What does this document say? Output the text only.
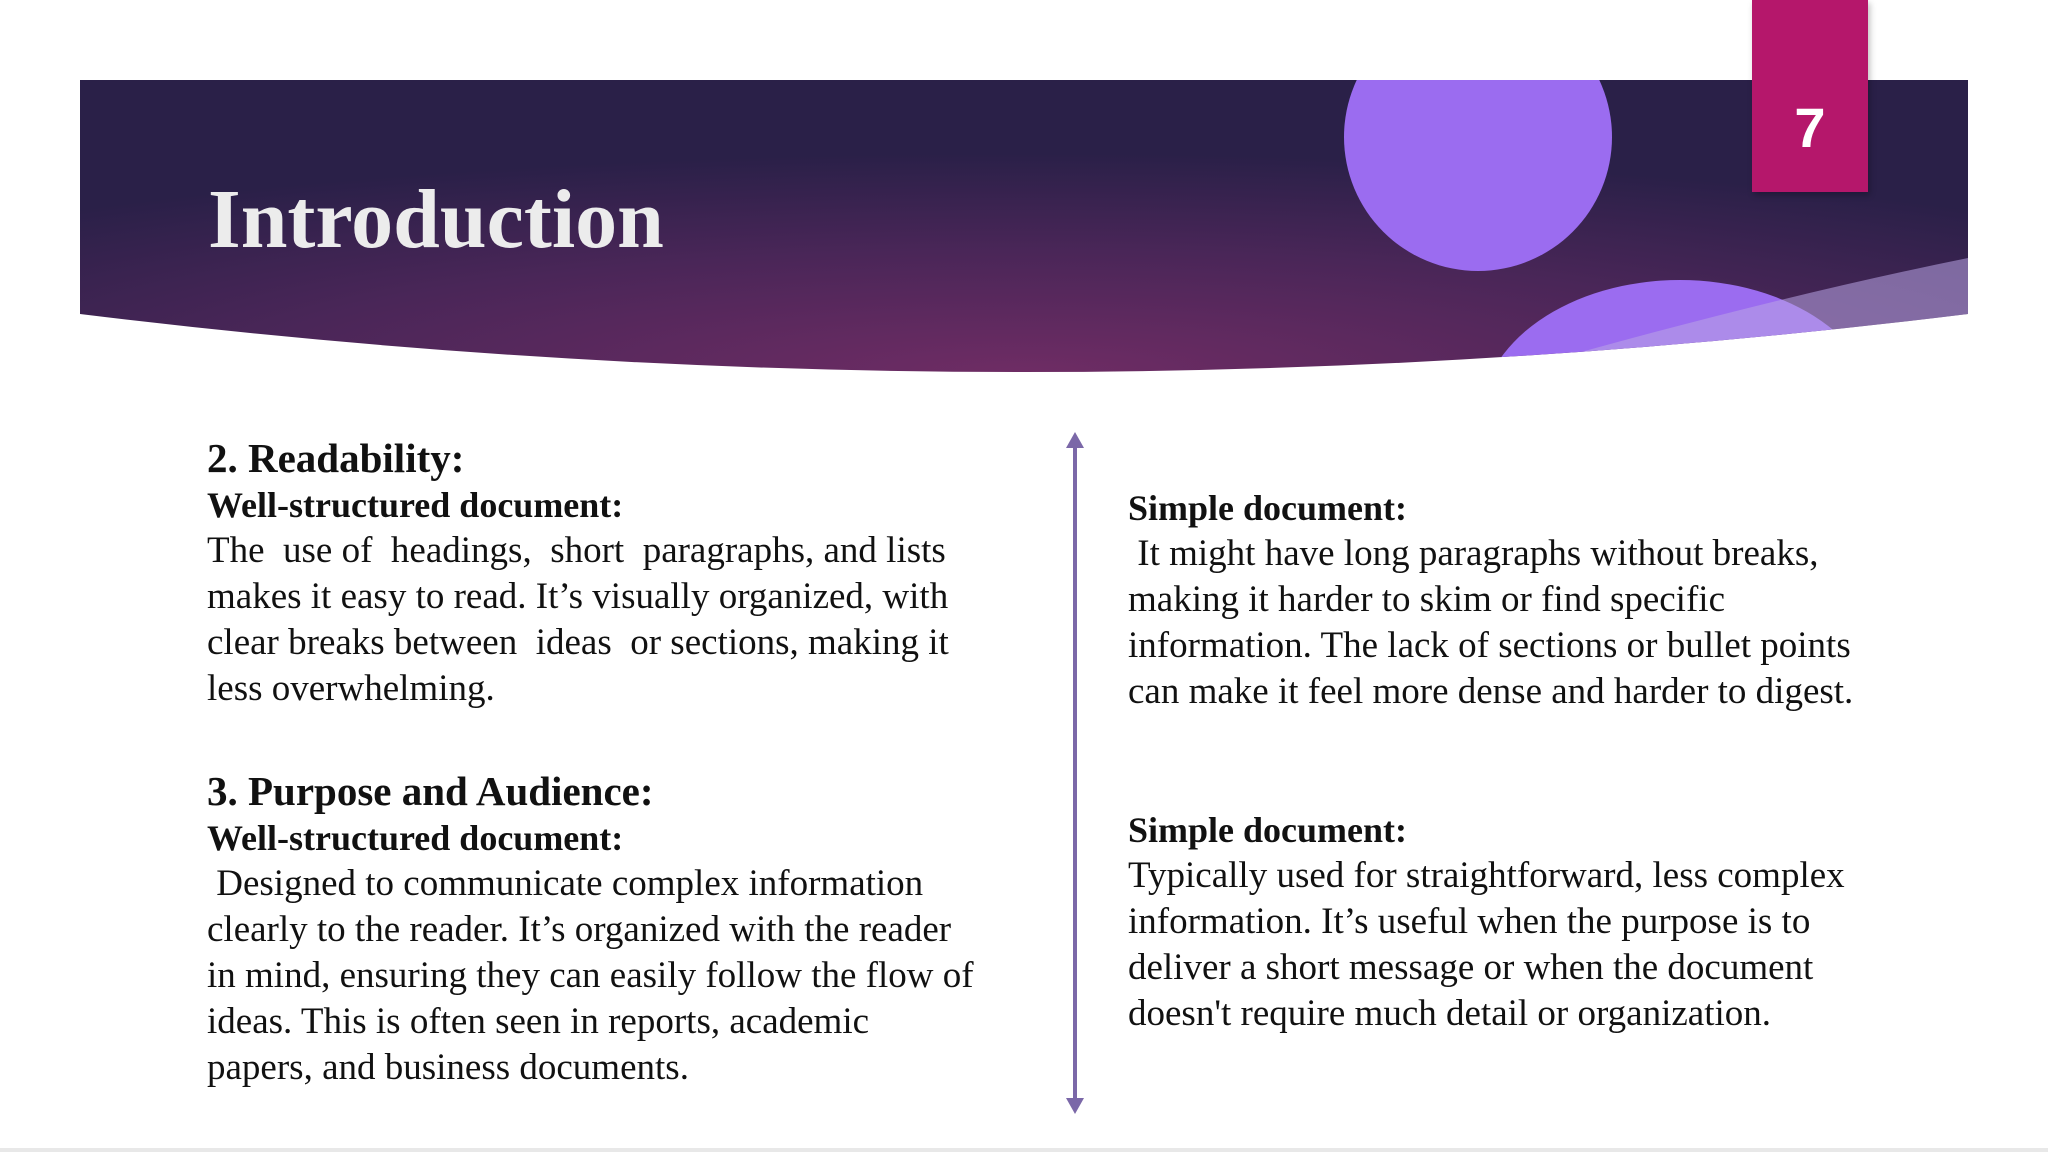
Introduction
7
2. Readability:
Well-structured document:
The  use of  headings,  short  paragraphs, and lists
makes it easy to read. It’s visually organized, with
clear breaks between  ideas  or sections, making it
less overwhelming.
3. Purpose and Audience:
Well-structured document:
Designed to communicate complex information
clearly to the reader. It’s organized with the reader
in mind, ensuring they can easily follow the flow of
ideas. This is often seen in reports, academic
papers, and business documents.
Simple document:
It might have long paragraphs without breaks,
making it harder to skim or find specific
information. The lack of sections or bullet points
can make it feel more dense and harder to digest.
Simple document:
Typically used for straightforward, less complex
information. It’s useful when the purpose is to
deliver a short message or when the document
doesn't require much detail or organization.
